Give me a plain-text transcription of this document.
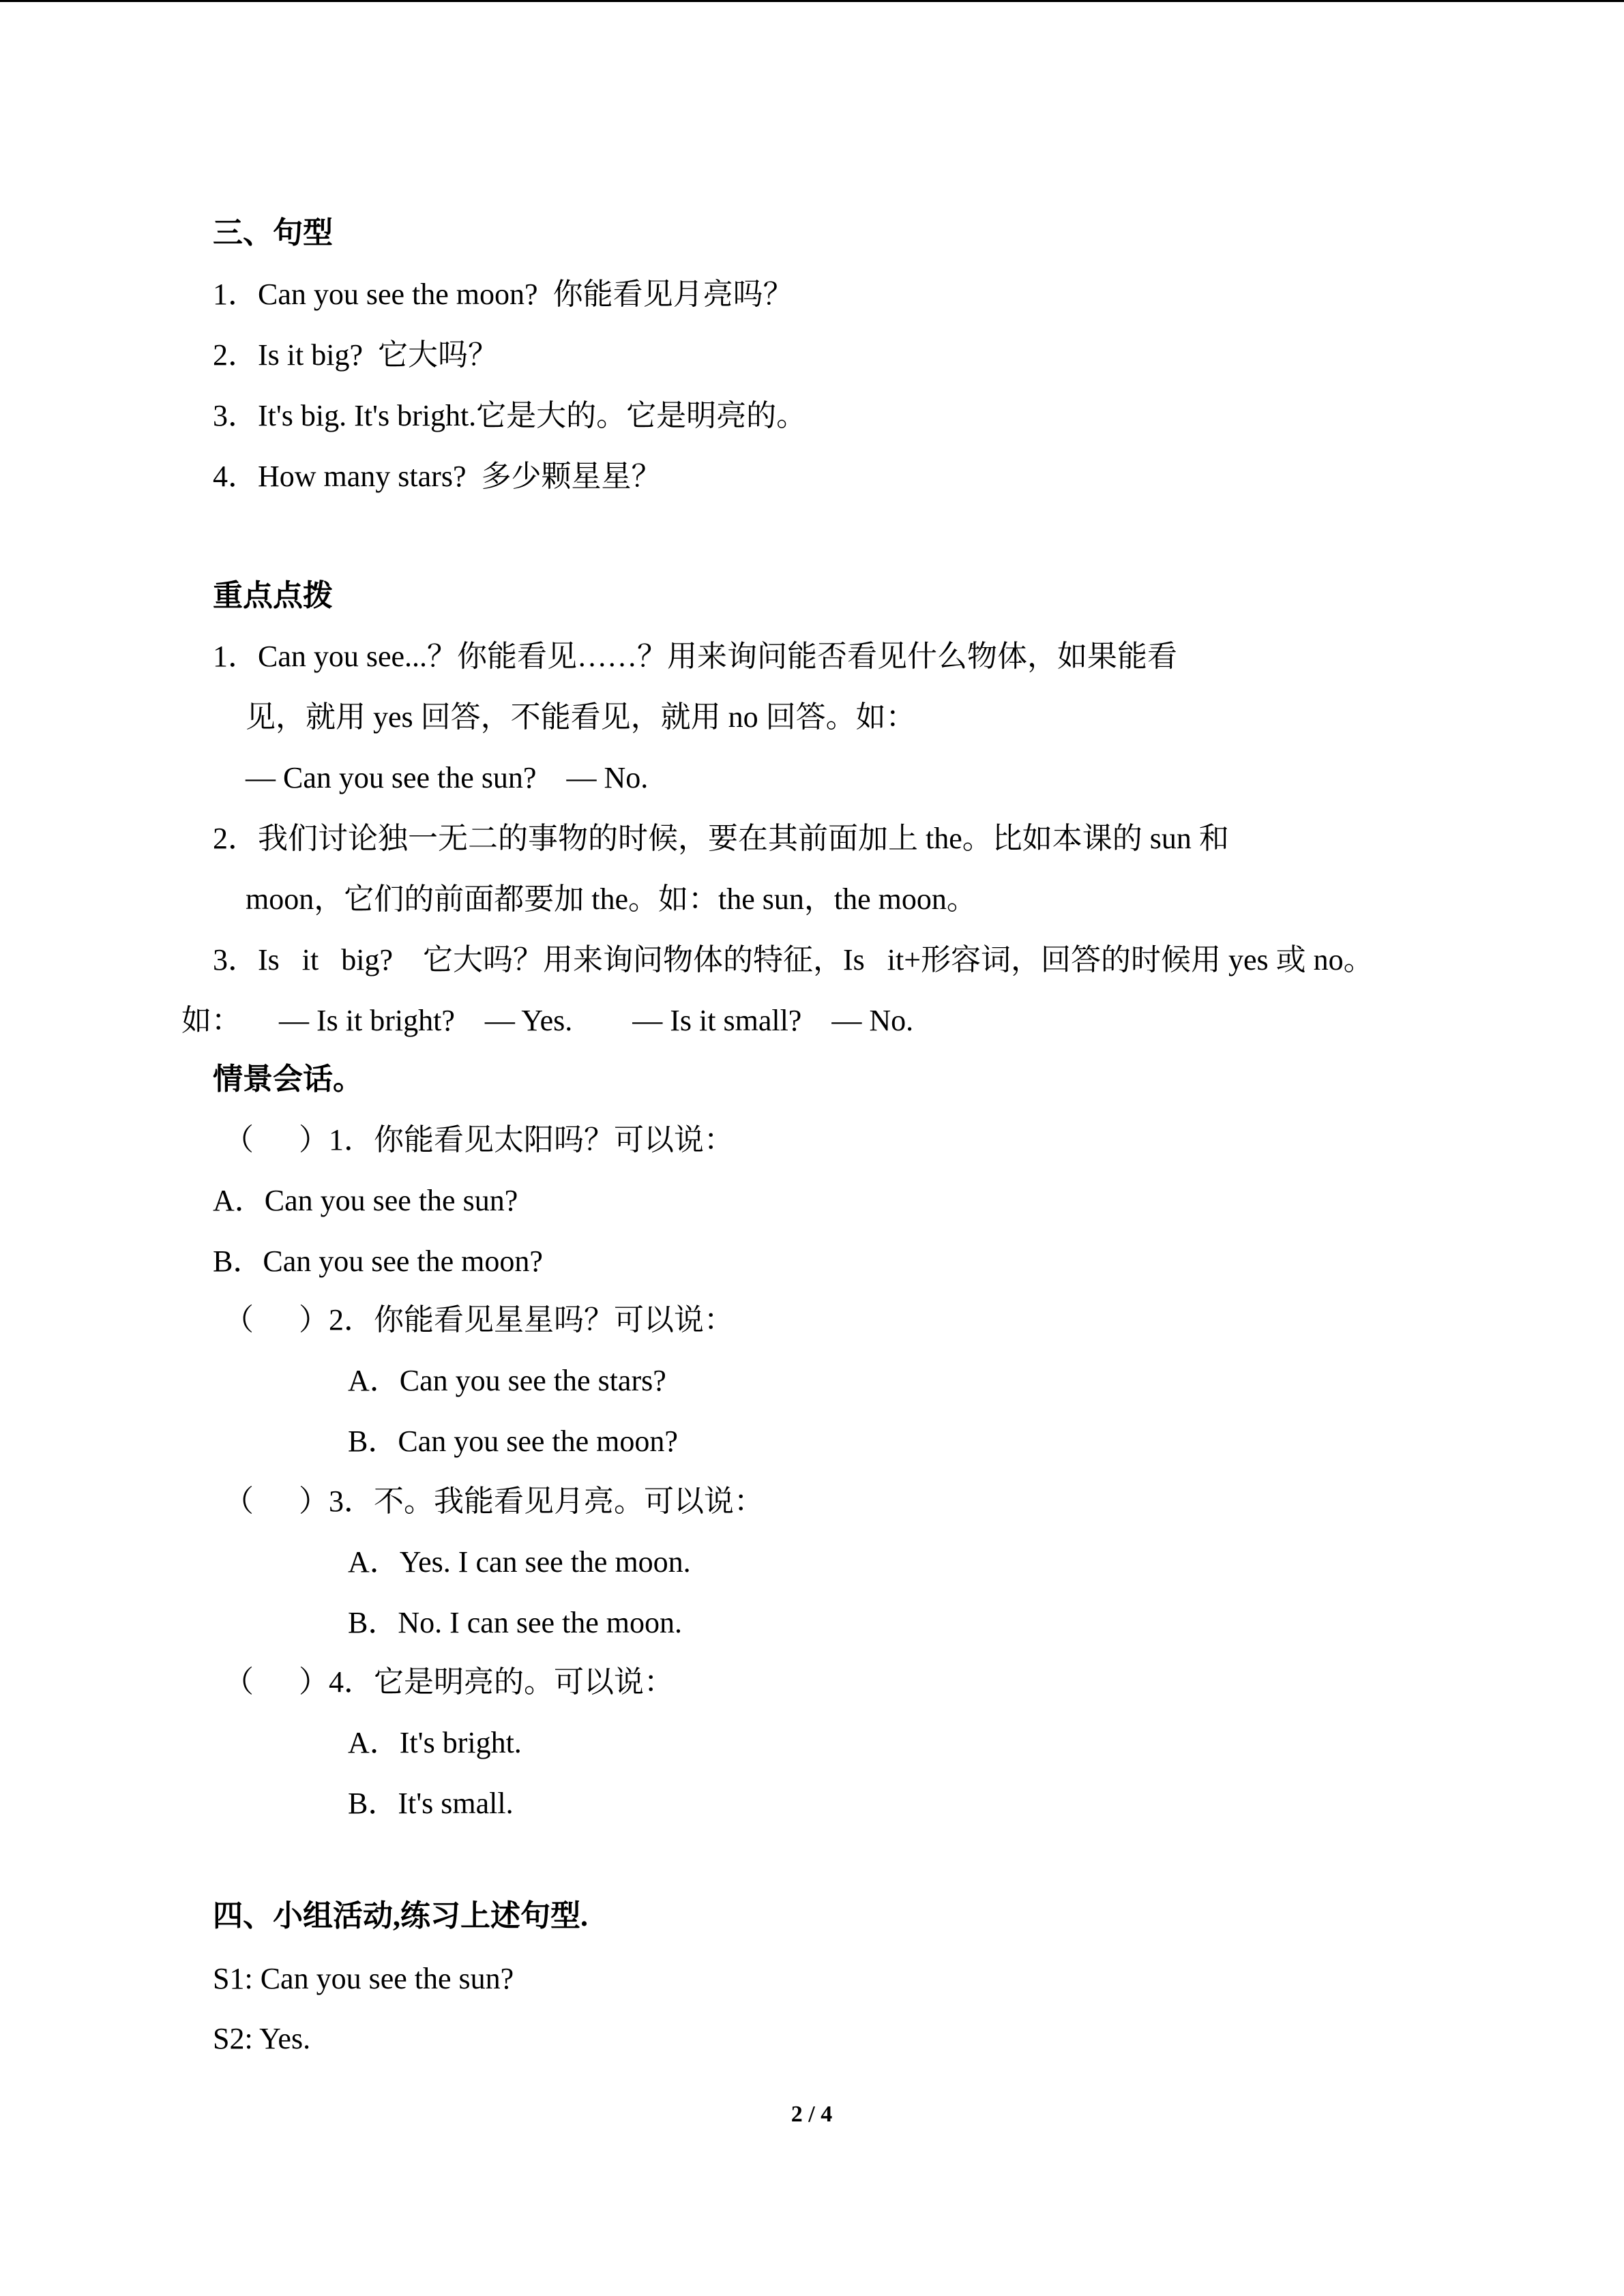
三、句型
1．Can you see the moon?  你能看见月亮吗？
2．Is it big?  它大吗？
3．It's big. It's bright.它是大的。它是明亮的。
4．How many stars?  多少颗星星？
重点点拨
1．Can you see...？你能看见……？用来询问能否看见什么物体，如果能看
见，就用 yes 回答，不能看见，就用 no 回答。如：
— Can you see the sun?    — No.
2．我们讨论独一无二的事物的时候，要在其前面加上 the。比如本课的 sun 和
moon，它们的前面都要加 the。如：the sun，the moon。
3．Is   it   big?    它大吗？用来询问物体的特征，Is   it+形容词，回答的时候用 yes 或 no。
如：     — Is it bright?    — Yes.        — Is it small?    — No.
情景会话。
（      ）1．你能看见太阳吗？可以说：
A．Can you see the sun?
B．Can you see the moon?
（      ）2．你能看见星星吗？可以说：
A．Can you see the stars?
B．Can you see the moon?
（      ）3．不。我能看见月亮。可以说：
A．Yes. I can see the moon.
B．No. I can see the moon.
（      ）4．它是明亮的。可以说：
A．It's bright.
B．It's small.
四、小组活动,练习上述句型.
S1: Can you see the sun?
S2: Yes.
2 / 4
